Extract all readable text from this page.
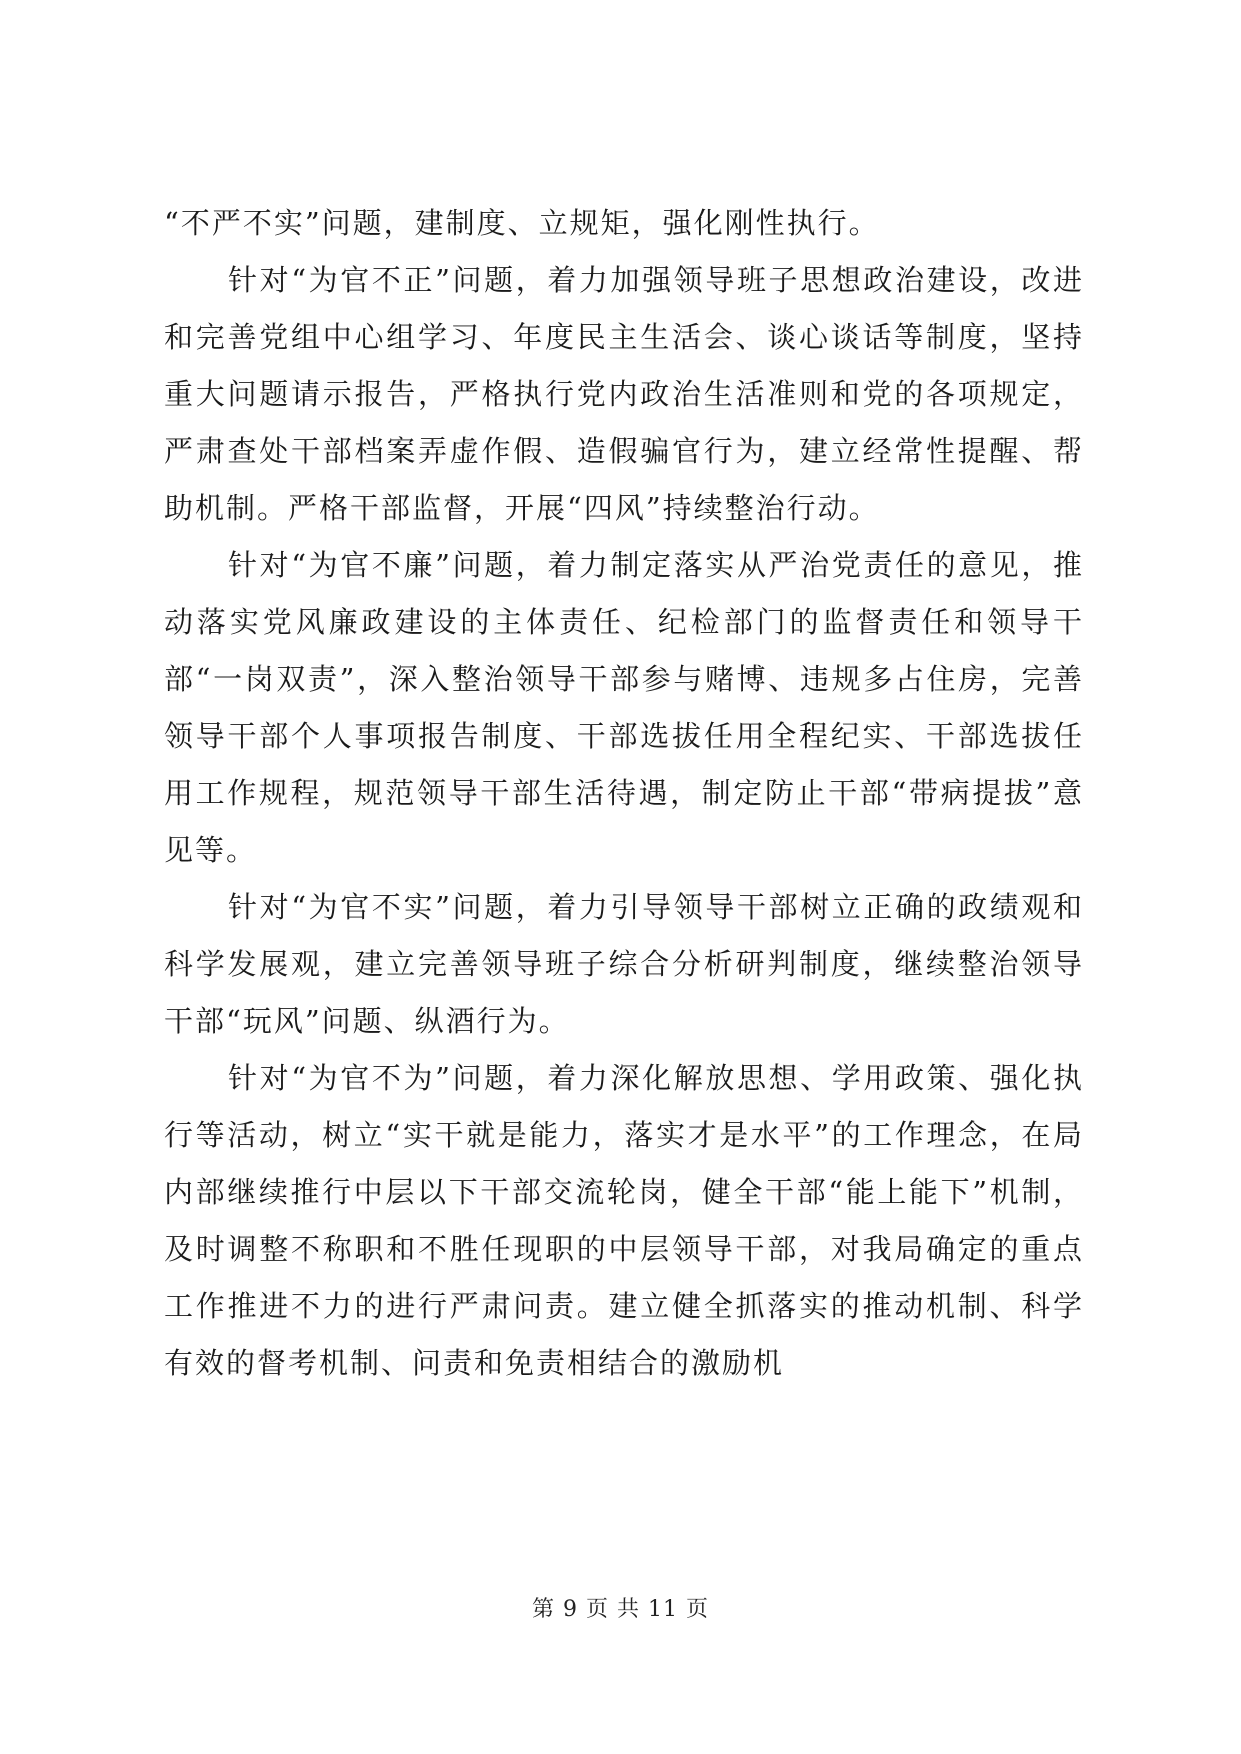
“不严不实”问题，建制度、立规矩，强化刚性执行。

针对“为官不正”问题，着力加强领导班子思想政治建设，改进和完善党组中心组学习、年度民主生活会、谈心谈话等制度，坚持重大问题请示报告，严格执行党内政治生活准则和党的各项规定，严肃查处干部档案弄虚作假、造假骗官行为，建立经常性提醒、帮助机制。严格干部监督，开展“四风”持续整治行动。

针对“为官不廉”问题，着力制定落实从严治党责任的意见，推动落实党风廉政建设的主体责任、纪检部门的监督责任和领导干部“一岗双责”，深入整治领导干部参与赌博、违规多占住房，完善领导干部个人事项报告制度、干部选拔任用全程纪实、干部选拔任用工作规程，规范领导干部生活待遇，制定防止干部“带病提拔”意见等。

针对“为官不实”问题，着力引导领导干部树立正确的政绩观和科学发展观，建立完善领导班子综合分析研判制度，继续整治领导干部“玩风”问题、纵酒行为。

针对“为官不为”问题，着力深化解放思想、学用政策、强化执行等活动，树立“实干就是能力，落实才是水平”的工作理念，在局内部继续推行中层以下干部交流轮岗，健全干部“能上能下”机制，及时调整不称职和不胜任现职的中层领导干部，对我局确定的重点工作推进不力的进行严肃问责。建立健全抓落实的推动机制、科学有效的督考机制、问责和免责相结合的激励机

第 9 页 共 11 页
